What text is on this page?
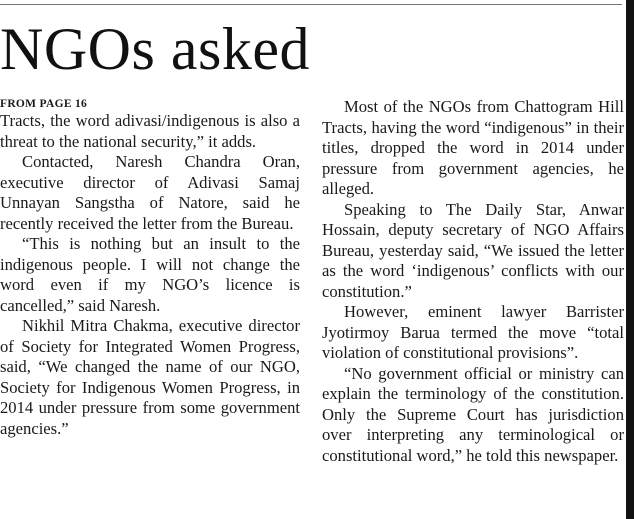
NGOs asked

FROM PAGE 16

Tracts, the word adivasi/indigenous is also a threat to the national security,” it adds.

Contacted, Naresh Chandra Oran, executive director of Adivasi Samaj Unnayan Sangstha of Natore, said he recently received the letter from the Bureau.

“This is nothing but an insult to the indigenous people. I will not change the word even if my NGO’s licence is cancelled,” said Naresh.

Nikhil Mitra Chakma, executive director of Society for Integrated Women Progress, said, “We changed the name of our NGO, Society for Indigenous Women Progress, in 2014 under pressure from some government agencies.”

Most of the NGOs from Chattogram Hill Tracts, having the word “indigenous” in their titles, dropped the word in 2014 under pressure from government agencies, he alleged.

Speaking to The Daily Star, Anwar Hossain, deputy secretary of NGO Affairs Bureau, yesterday said, “We issued the letter as the word ‘indigenous’ conflicts with our constitution.”

However, eminent lawyer Barrister Jyotirmoy Barua termed the move “total violation of constitutional provisions”.

“No government official or ministry can explain the terminology of the constitution. Only the Supreme Court has jurisdiction over interpreting any terminological or constitutional word,” he told this newspaper.
